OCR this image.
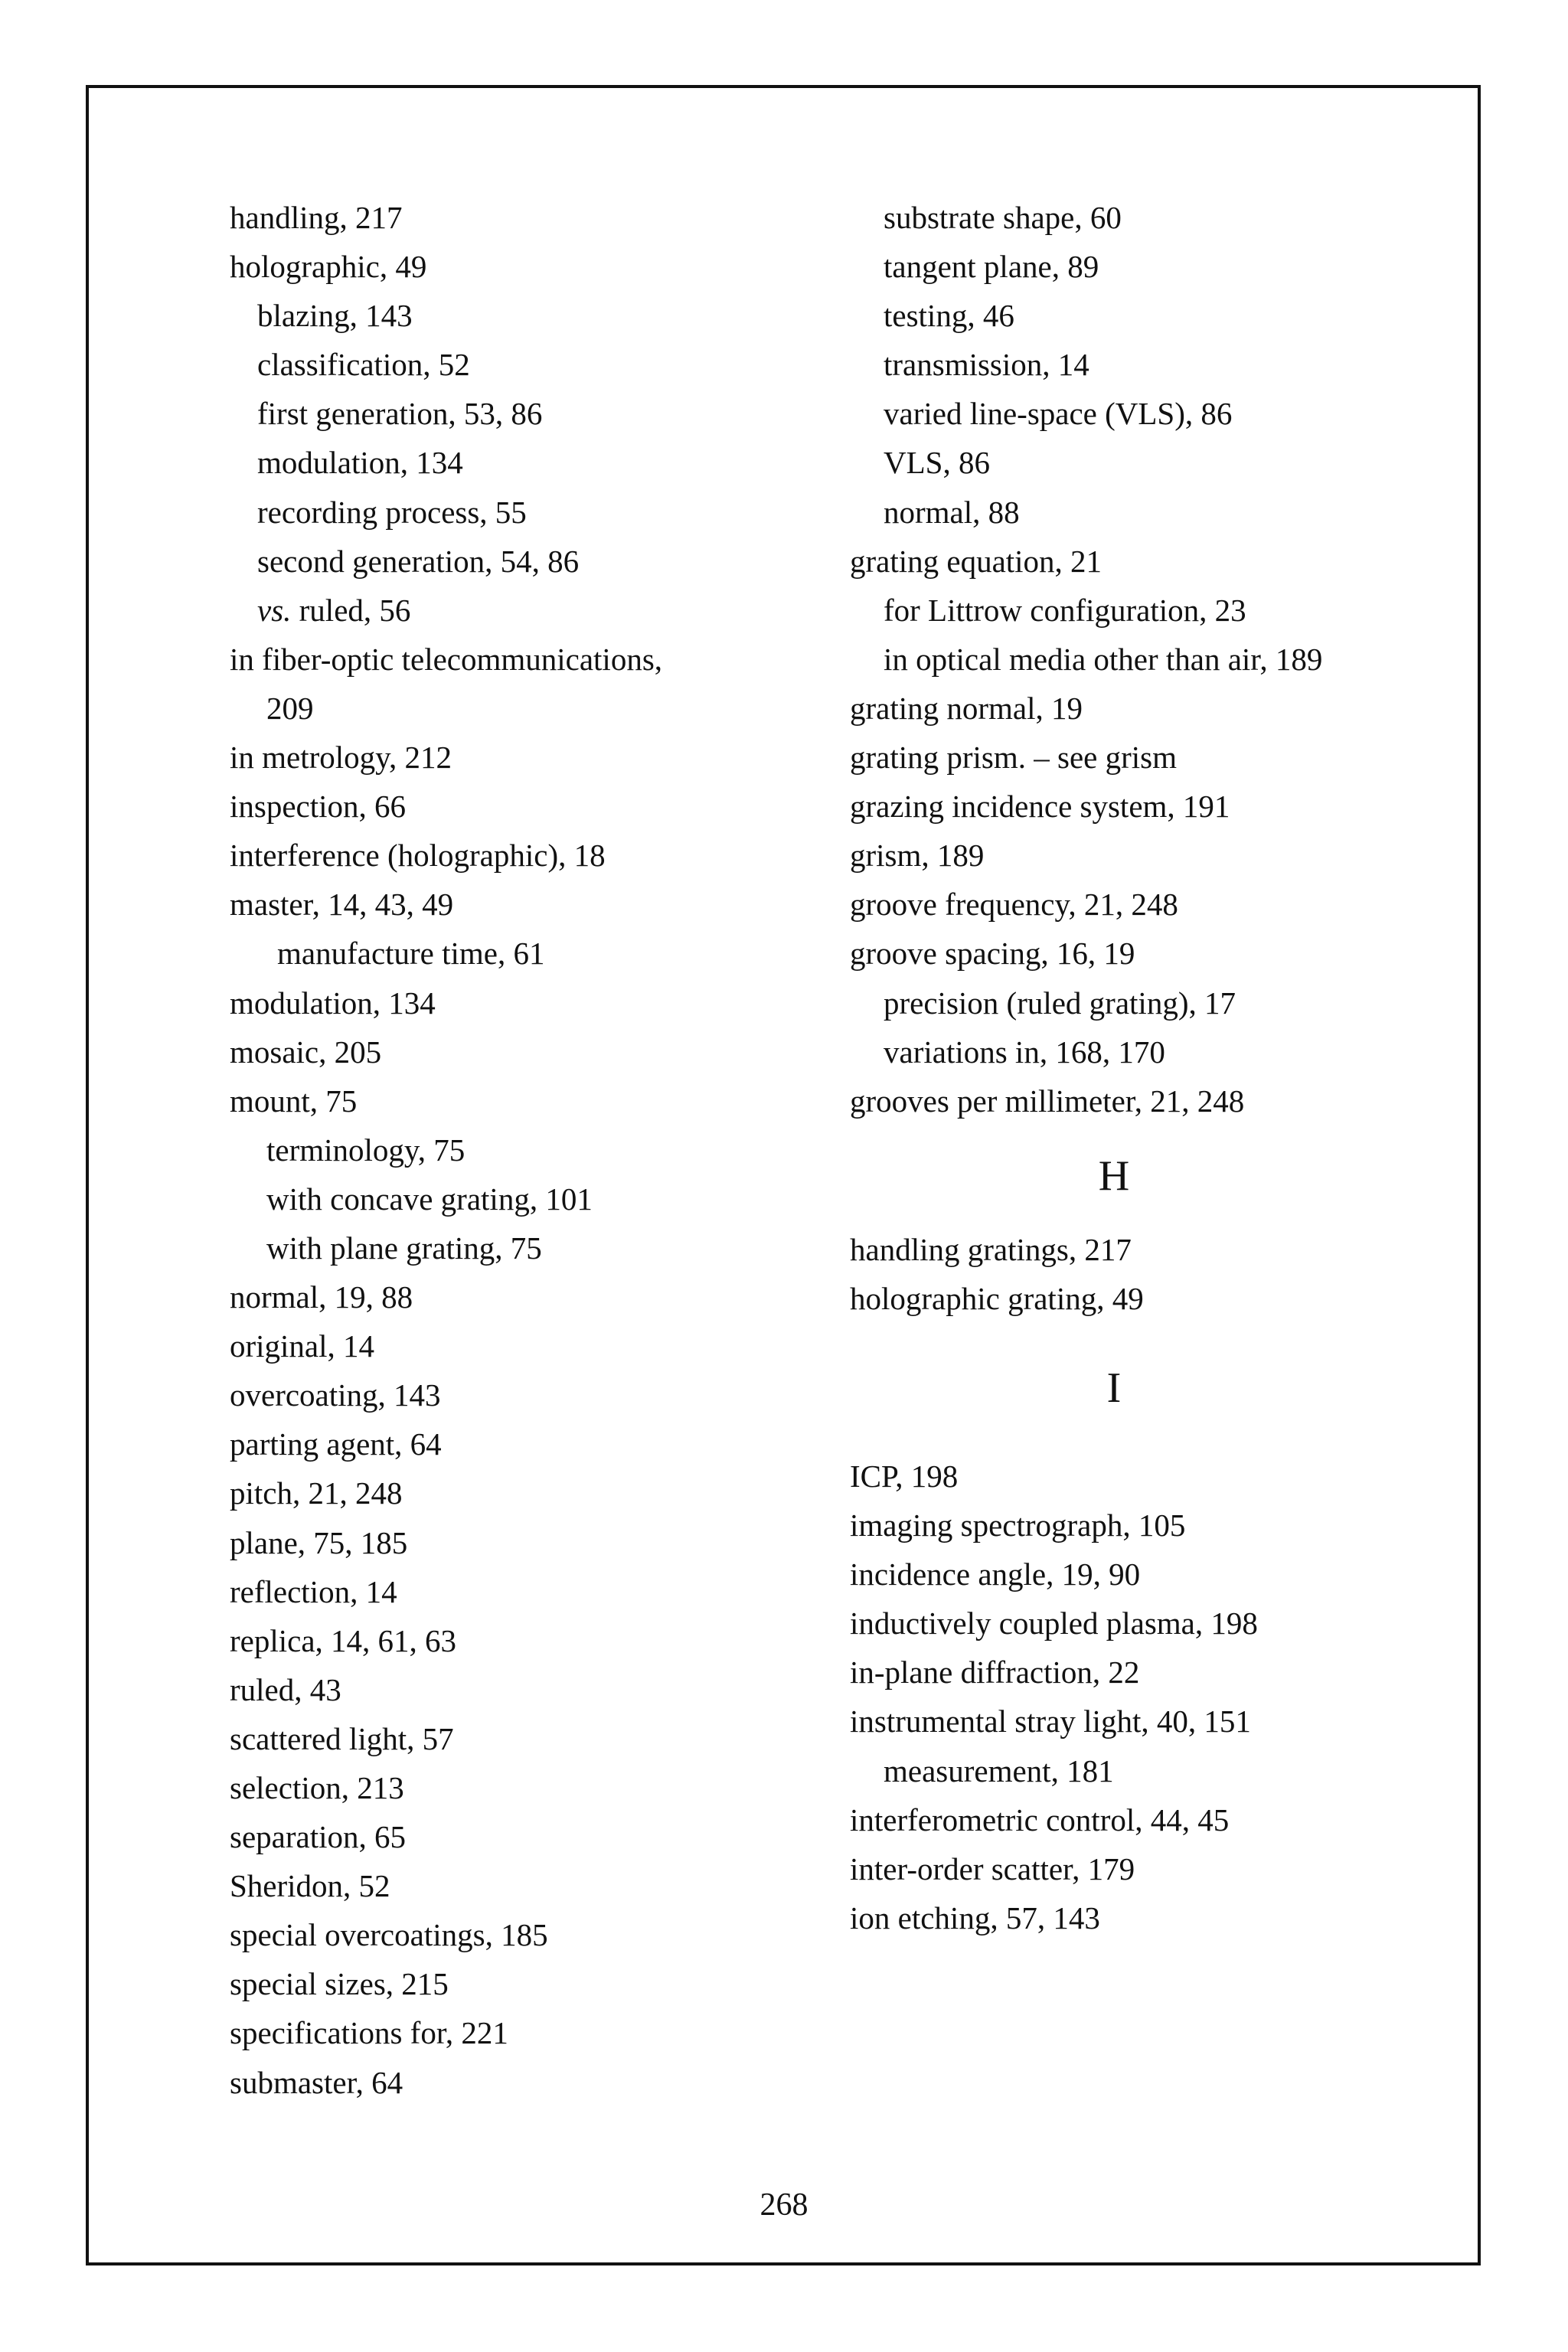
handling, 217
holographic, 49
blazing, 143
classification, 52
first generation, 53, 86
modulation, 134
recording process, 55
second generation, 54, 86
vs. ruled, 56
in fiber-optic telecommunications,
209
in metrology, 212
inspection, 66
interference (holographic), 18
master, 14, 43, 49
manufacture time, 61
modulation, 134
mosaic, 205
mount, 75
terminology, 75
with concave grating, 101
with plane grating, 75
normal, 19, 88
original, 14
overcoating, 143
parting agent, 64
pitch, 21, 248
plane, 75, 185
reflection, 14
replica, 14, 61, 63
ruled, 43
scattered light, 57
selection, 213
separation, 65
Sheridon, 52
special overcoatings, 185
special sizes, 215
specifications for, 221
submaster, 64
substrate shape, 60
tangent plane, 89
testing, 46
transmission, 14
varied line-space (VLS), 86
VLS, 86
normal, 88
grating equation, 21
for Littrow configuration, 23
in optical media other than air, 189
grating normal, 19
grating prism. – see grism
grazing incidence system, 191
grism, 189
groove frequency, 21, 248
groove spacing, 16, 19
precision (ruled grating), 17
variations in, 168, 170
grooves per millimeter, 21, 248
H
handling gratings, 217
holographic grating, 49
I
ICP, 198
imaging spectrograph, 105
incidence angle, 19, 90
inductively coupled plasma, 198
in-plane diffraction, 22
instrumental stray light, 40, 151
measurement, 181
interferometric control, 44, 45
inter-order scatter, 179
ion etching, 57, 143
268
